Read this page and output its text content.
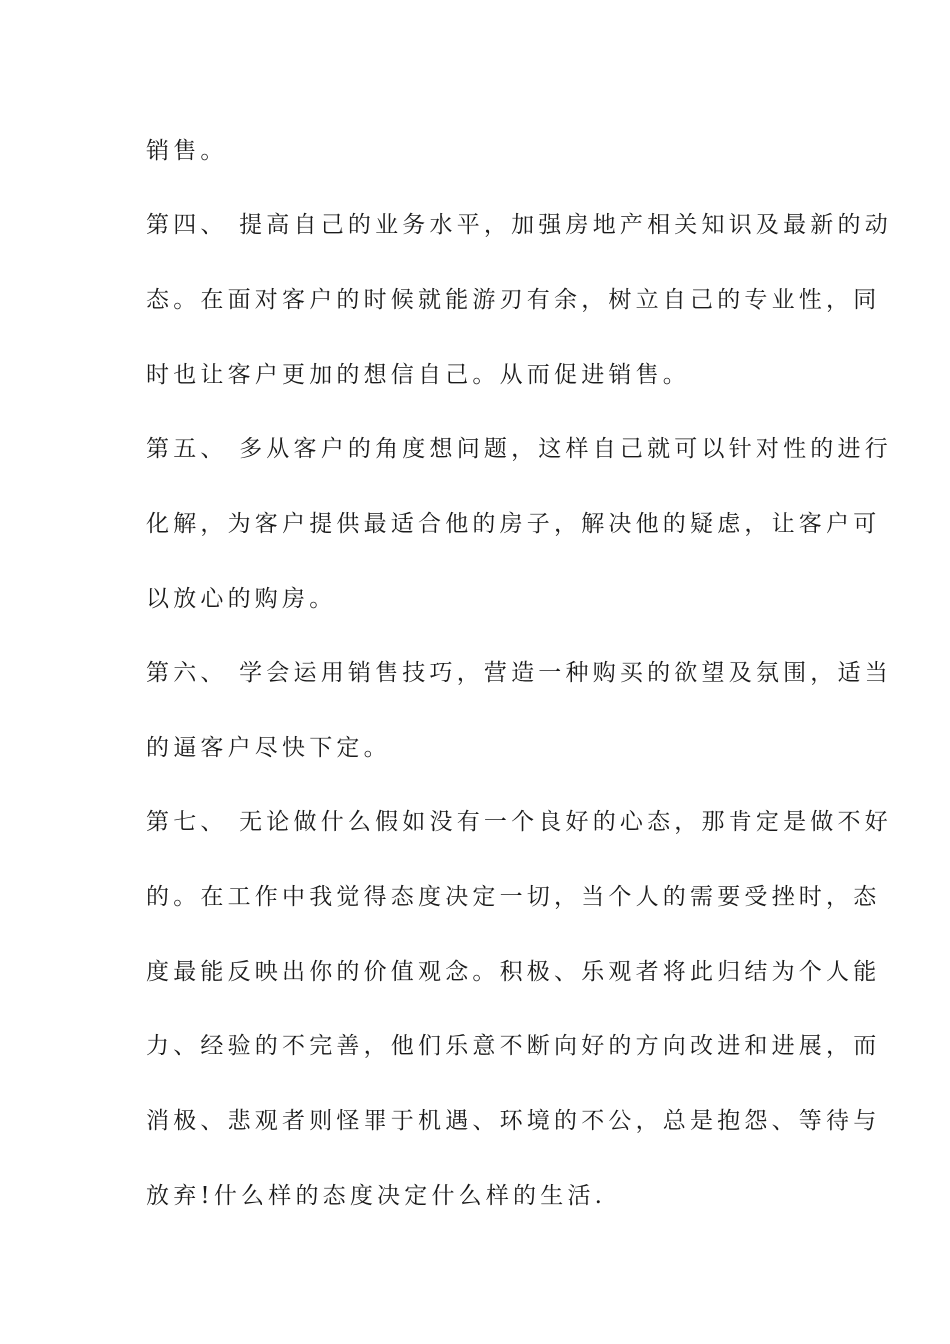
销售。
第四、 提高自己的业务水平，加强房地产相关知识及最新的动
态。在面对客户的时候就能游刃有余，树立自己的专业性，同
时也让客户更加的想信自己。从而促进销售。
第五、 多从客户的角度想问题，这样自己就可以针对性的进行
化解，为客户提供最适合他的房子，解决他的疑虑，让客户可
以放心的购房。
第六、 学会运用销售技巧，营造一种购买的欲望及氛围，适当
的逼客户尽快下定。
第七、 无论做什么假如没有一个良好的心态，那肯定是做不好
的。在工作中我觉得态度决定一切，当个人的需要受挫时，态
度最能反映出你的价值观念。积极、乐观者将此归结为个人能
力、经验的不完善，他们乐意不断向好的方向改进和进展，而
消极、悲观者则怪罪于机遇、环境的不公，总是抱怨、等待与
放弃!什么样的态度决定什么样的生活.
